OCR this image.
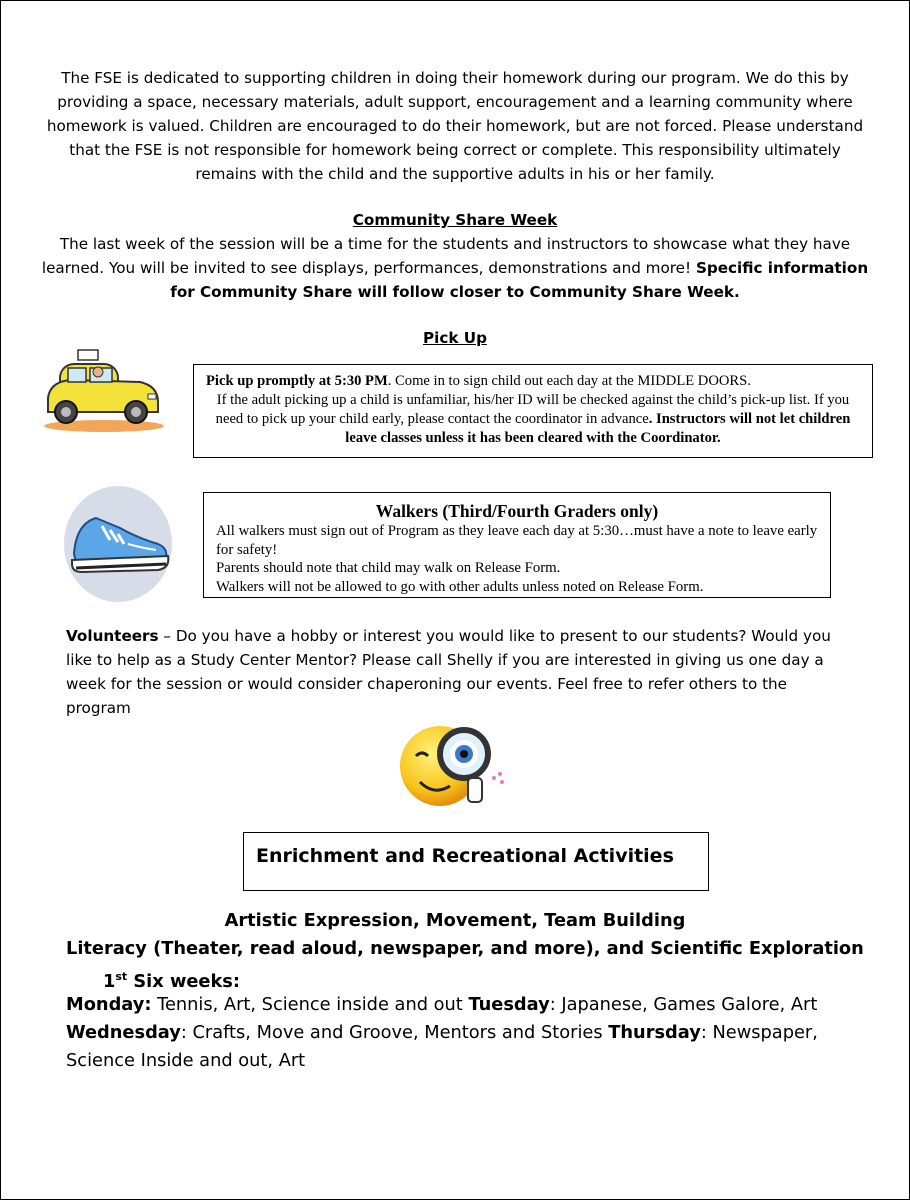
The FSE is dedicated to supporting children in doing their homework during our program. We do this by providing a space, necessary materials, adult support, encouragement and a learning community where homework is valued. Children are encouraged to do their homework, but are not forced. Please understand that the FSE is not responsible for homework being correct or complete. This responsibility ultimately remains with the child and the supportive adults in his or her family.
Community Share Week
The last week of the session will be a time for the students and instructors to showcase what they have learned. You will be invited to see displays, performances, demonstrations and more! Specific information for Community Share will follow closer to Community Share Week.
Pick Up
Pick up promptly at 5:30 PM. Come in to sign child out each day at the MIDDLE DOORS.
If the adult picking up a child is unfamiliar, his/her ID will be checked against the child’s pick-up list. If you need to pick up your child early, please contact the coordinator in advance. Instructors will not let children leave classes unless it has been cleared with the Coordinator.
Walkers (Third/Fourth Graders only)
All walkers must sign out of Program as they leave each day at 5:30…must have a note to leave early for safety!
Parents should note that child may walk on Release Form.
Walkers will not be allowed to go with other adults unless noted on Release Form.
Volunteers – Do you have a hobby or interest you would like to present to our students? Would you like to help as a Study Center Mentor? Please call Shelly if you are interested in giving us one day a week for the session or would consider chaperoning our events. Feel free to refer others to the program
Enrichment and Recreational Activities
Artistic Expression, Movement, Team Building
Literacy (Theater, read aloud, newspaper, and more), and Scientific Exploration
1st Six weeks:
Monday: Tennis, Art, Science inside and out Tuesday: Japanese, Games Galore, Art
Wednesday: Crafts, Move and Groove, Mentors and Stories Thursday: Newspaper, Science Inside and out, Art
